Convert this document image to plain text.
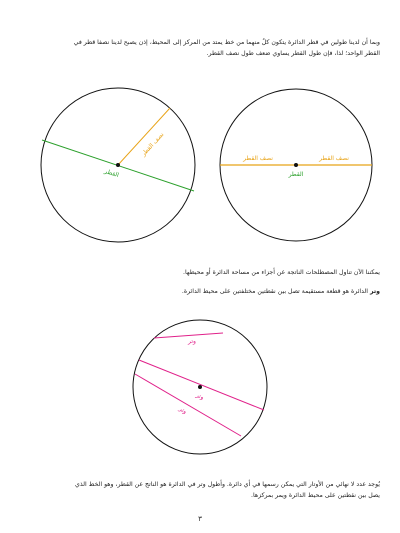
وبما أن لدينا طولين في قطر الدائرة يتكون كلٌ منهما من خط يمتد من المركز إلى المحيط، إذن يصبح لدينا نصفا قطر في
القطر الواحد؛ لذا، فإن طول القطر يساوي ضعف طول نصف القطر.
نصف القطر
القطر
نصف القطر	نصف القطر
القطر
وتر
وتر
وتر
يمكننا الآن تناول المصطلحات الناتجة عن أجزاء من مساحة الدائرة أو محيطها.
وتر الدائرة هو قطعة مستقيمة تصل بين نقطتين مختلفتين على محيط الدائرة.
يُوجد عدد لا نهائي من الأوتار التي يمكن رسمها في أي دائرة. وأطول وتر في الدائرة هو الناتج عن القطر، وهو الخط الذي
يصل بين نقطتين على محيط الدائرة ويمر بمركزها.
٣
